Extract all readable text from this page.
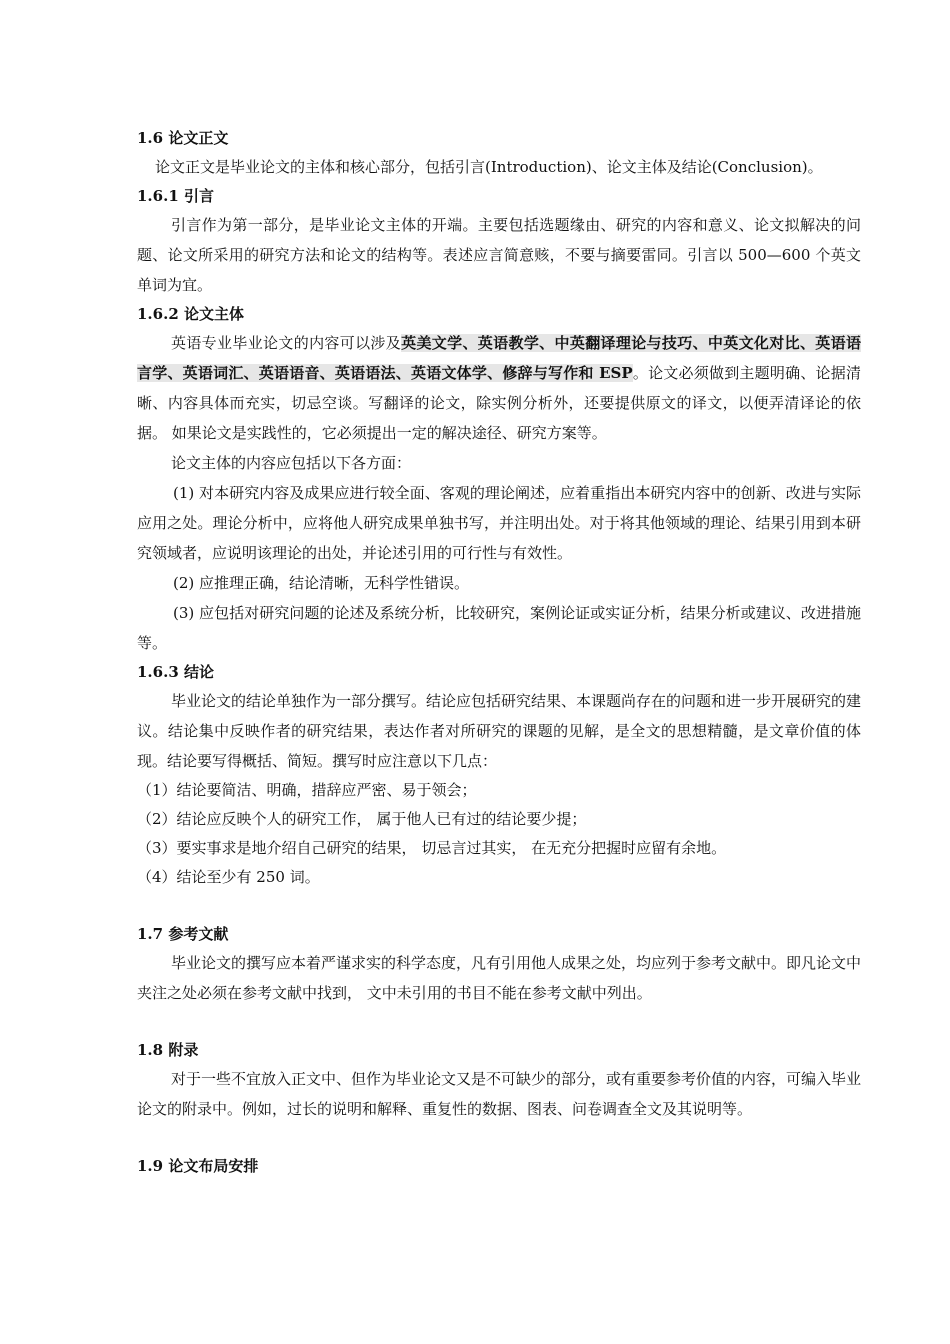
1.6 论文正文

论文正文是毕业论文的主体和核心部分，包括引言(Introduction)、论文主体及结论(Conclusion)。

1.6.1 引言

引言作为第一部分，是毕业论文主体的开端。主要包括选题缘由、研究的内容和意义、论文拟解决的问题、论文所采用的研究方法和论文的结构等。表述应言简意赅，不要与摘要雷同。引言以 500—600 个英文单词为宜。

1.6.2 论文主体

英语专业毕业论文的内容可以涉及英美文学、英语教学、中英翻译理论与技巧、中英文化对比、英语语言学、英语词汇、英语语音、英语语法、英语文体学、修辞与写作和 ESP。论文必须做到主题明确、论据清晰、内容具体而充实，切忌空谈。写翻译的论文，除实例分析外，还要提供原文的译文，以便弄清译论的依据。 如果论文是实践性的，它必须提出一定的解决途径、研究方案等。

论文主体的内容应包括以下各方面：

(1) 对本研究内容及成果应进行较全面、客观的理论阐述，应着重指出本研究内容中的创新、改进与实际应用之处。理论分析中，应将他人研究成果单独书写，并注明出处。对于将其他领域的理论、结果引用到本研究领域者，应说明该理论的出处，并论述引用的可行性与有效性。

(2) 应推理正确，结论清晰，无科学性错误。

(3) 应包括对研究问题的论述及系统分析，比较研究，案例论证或实证分析，结果分析或建议、改进措施等。

1.6.3 结论

毕业论文的结论单独作为一部分撰写。结论应包括研究结果、本课题尚存在的问题和进一步开展研究的建议。结论集中反映作者的研究结果，表达作者对所研究的课题的见解，是全文的思想精髓，是文章价值的体现。结论要写得概括、简短。撰写时应注意以下几点：

（1）结论要简洁、明确，措辞应严密、易于领会；

（2）结论应反映个人的研究工作， 属于他人已有过的结论要少提；

（3）要实事求是地介绍自己研究的结果， 切忌言过其实， 在无充分把握时应留有余地。

（4）结论至少有 250 词。

1.7 参考文献

毕业论文的撰写应本着严谨求实的科学态度，凡有引用他人成果之处，均应列于参考文献中。即凡论文中夹注之处必须在参考文献中找到， 文中未引用的书目不能在参考文献中列出。

1.8 附录

对于一些不宜放入正文中、但作为毕业论文又是不可缺少的部分，或有重要参考价值的内容，可编入毕业论文的附录中。例如，过长的说明和解释、重复性的数据、图表、问卷调查全文及其说明等。

1.9 论文布局安排
